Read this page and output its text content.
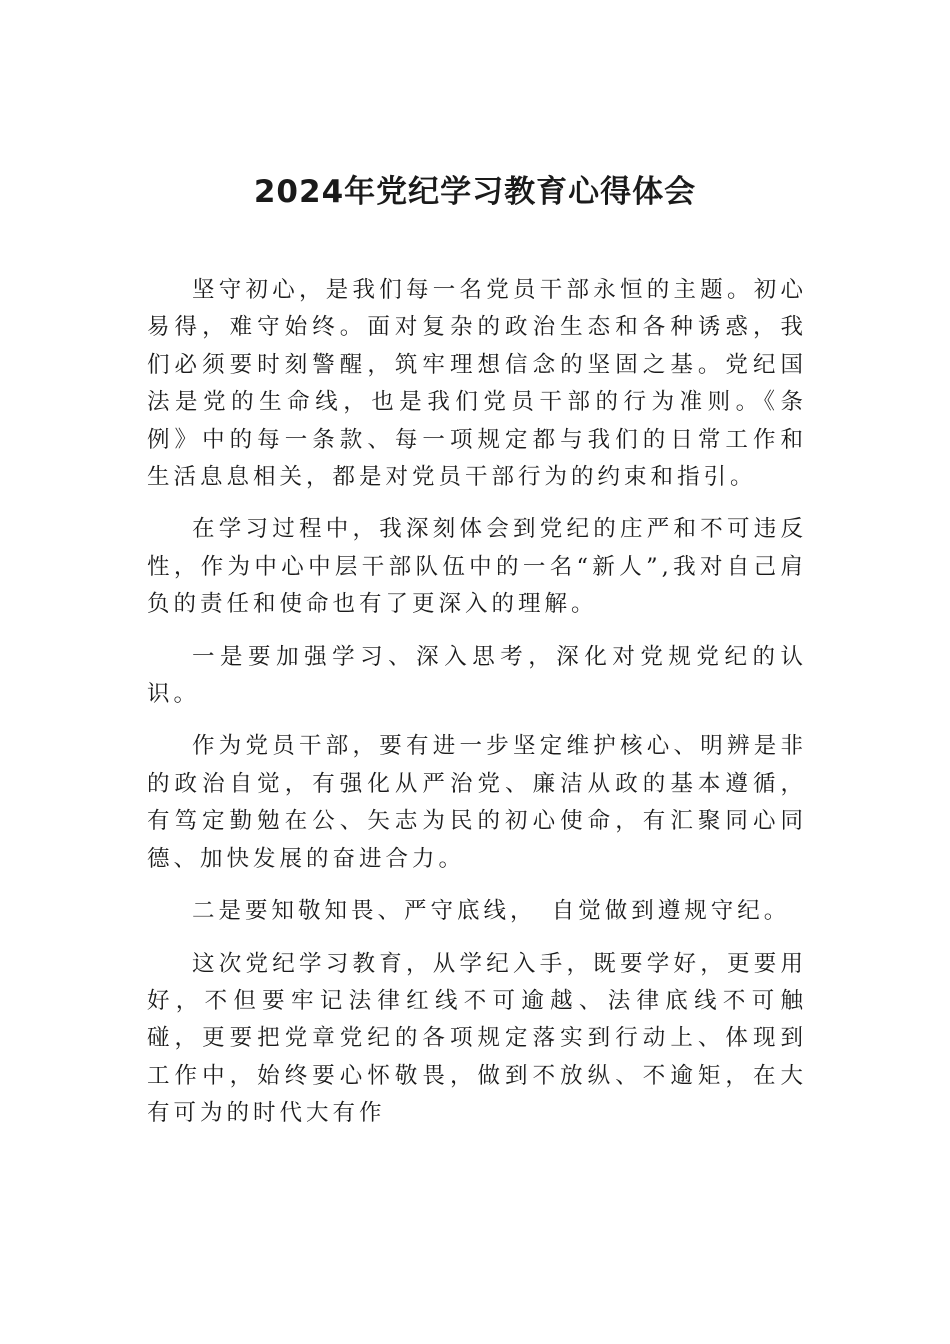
2024年党纪学习教育心得体会

坚守初心，是我们每一名党员干部永恒的主题。初心易得，难守始终。面对复杂的政治生态和各种诱惑，我们必须要时刻警醒，筑牢理想信念的坚固之基。党纪国法是党的生命线，也是我们党员干部的行为准则。《条例》中的每一条款、每一项规定都与我们的日常工作和生活息息相关，都是对党员干部行为的约束和指引。

在学习过程中，我深刻体会到党纪的庄严和不可违反性，作为中心中层干部队伍中的一名“新人”,我对自己肩负的责任和使命也有了更深入的理解。

一是要加强学习、深入思考，深化对党规党纪的认识。

作为党员干部，要有进一步坚定维护核心、明辨是非的政治自觉，有强化从严治党、廉洁从政的基本遵循，有笃定勤勉在公、矢志为民的初心使命，有汇聚同心同德、加快发展的奋进合力。

二是要知敬知畏、严守底线，　自觉做到遵规守纪。

这次党纪学习教育，从学纪入手，既要学好，更要用好，不但要牢记法律红线不可逾越、法律底线不可触碰，更要把党章党纪的各项规定落实到行动上、体现到工作中，始终要心怀敬畏，做到不放纵、不逾矩，在大有可为的时代大有作
